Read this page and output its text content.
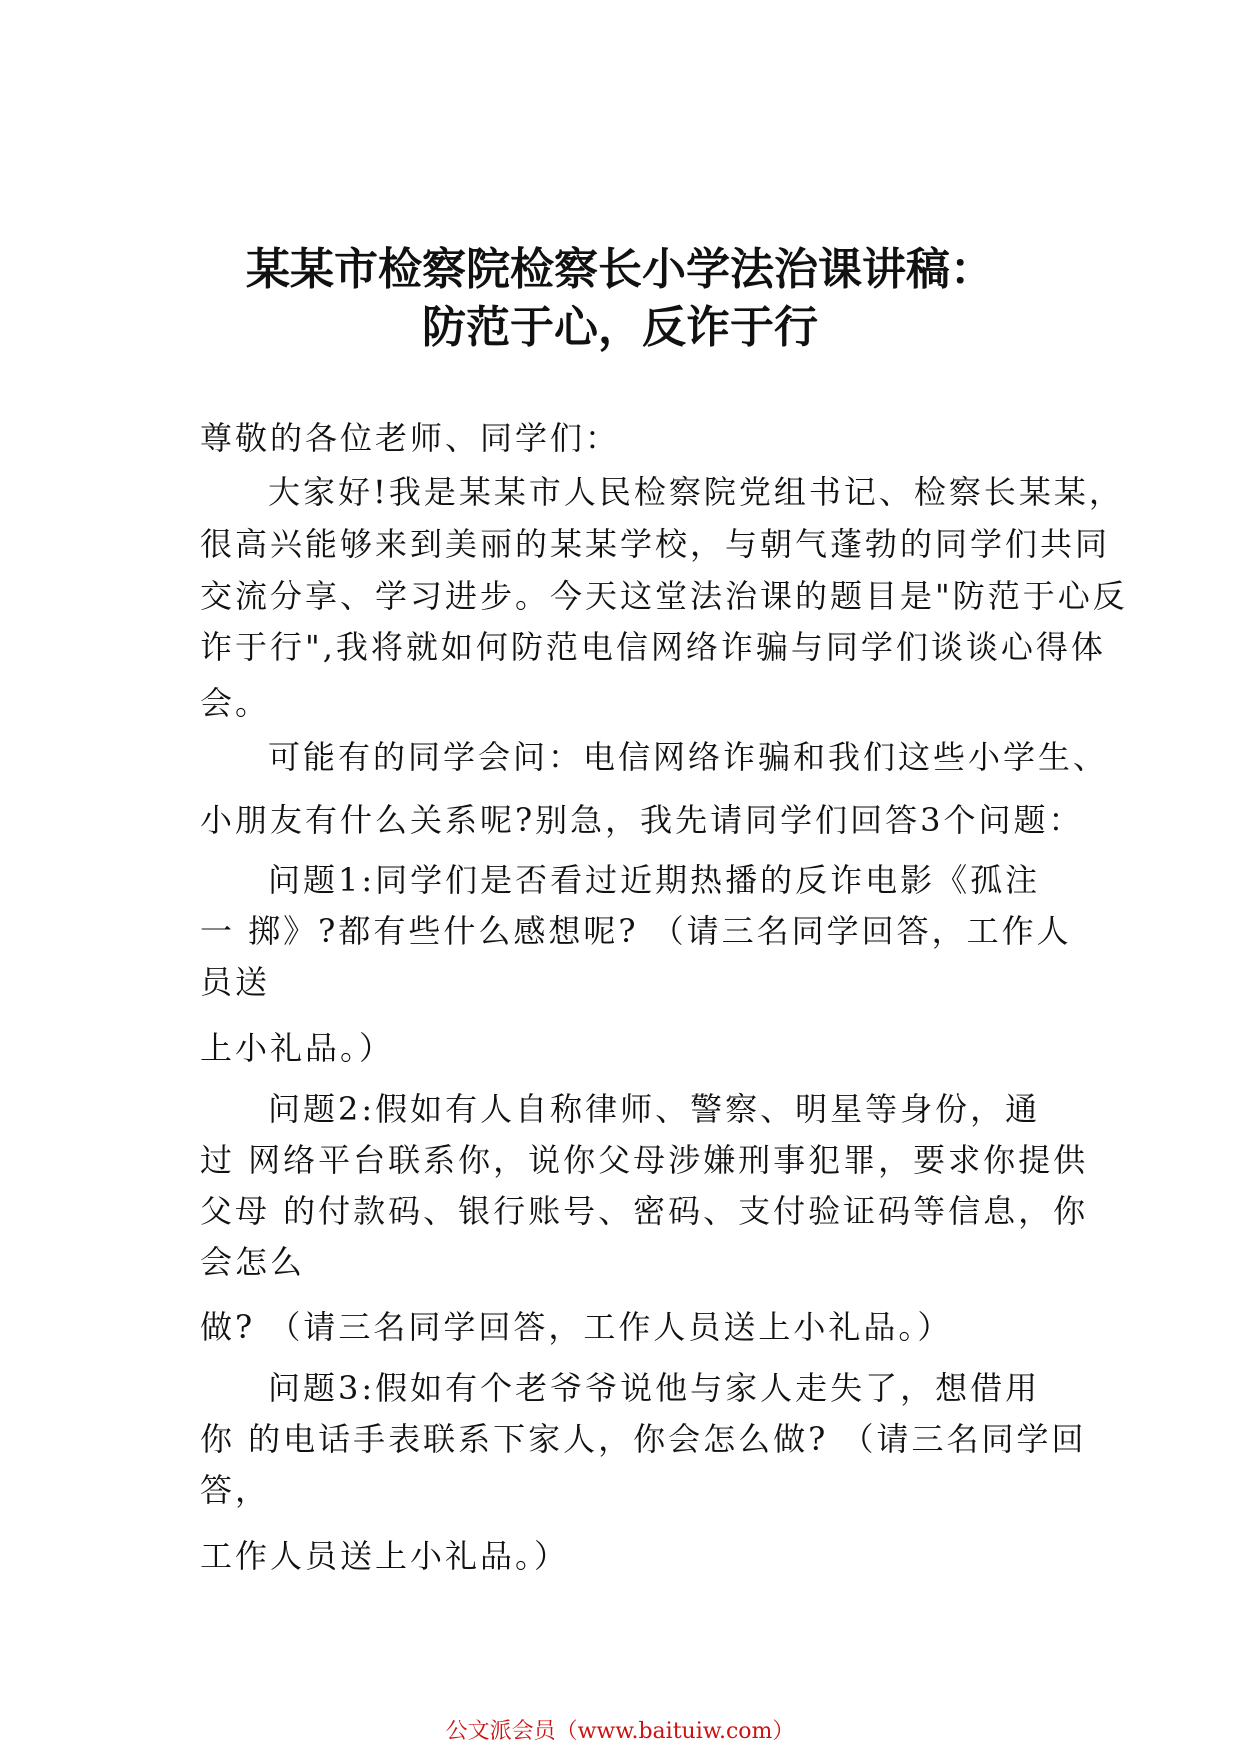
某某市检察院检察长小学法治课讲稿：
防范于心，反诈于行

尊敬的各位老师、同学们：

大家好!我是某某市人民检察院党组书记、检察长某某，

很高兴能够来到美丽的某某学校，与朝气蓬勃的同学们共同

交流分享、学习进步。今天这堂法治课的题目是"防范于心反

诈于行",我将就如何防范电信网络诈骗与同学们谈谈心得体

会。

可能有的同学会问：电信网络诈骗和我们这些小学生、

小朋友有什么关系呢?别急，我先请同学们回答3个问题：

问题1:同学们是否看过近期热播的反诈电影《孤注

一 掷》?都有些什么感想呢? （请三名同学回答，工作人

员送

上小礼品。）

问题2:假如有人自称律师、警察、明星等身份，通

过 网络平台联系你，说你父母涉嫌刑事犯罪，要求你提供

父母 的付款码、银行账号、密码、支付验证码等信息，你

会怎么

做? （请三名同学回答，工作人员送上小礼品。）

问题3:假如有个老爷爷说他与家人走失了，想借用

你 的电话手表联系下家人，你会怎么做? （请三名同学回

答，

工作人员送上小礼品。）

公文派会员（www.baituiw.com）
